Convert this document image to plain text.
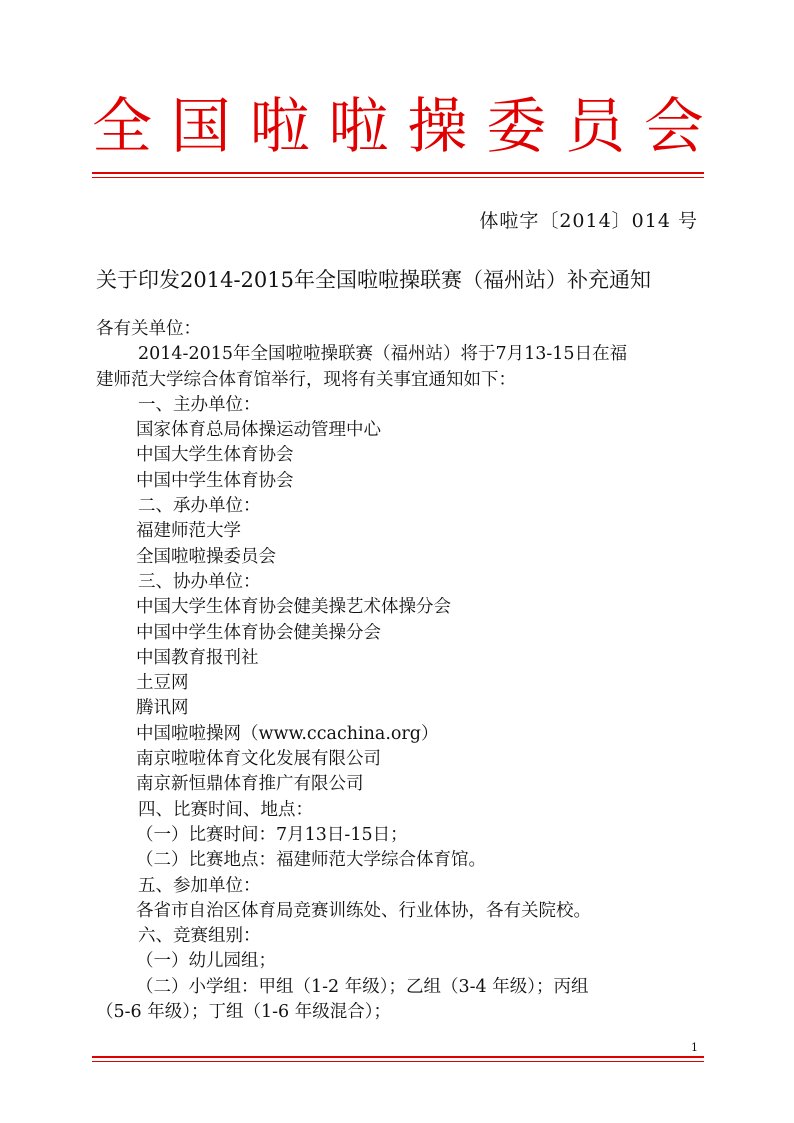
全 国 啦 啦 操 委 员 会
体啦字〔2014〕014 号
关于印发2014-2015年全国啦啦操联赛（福州站）补充通知
各有关单位：
2014-2015年全国啦啦操联赛（福州站）将于7月13-15日在福
建师范大学综合体育馆举行，现将有关事宜通知如下：
一、主办单位：
国家体育总局体操运动管理中心
中国大学生体育协会
中国中学生体育协会
二、承办单位：
福建师范大学
全国啦啦操委员会
三、协办单位：
中国大学生体育协会健美操艺术体操分会
中国中学生体育协会健美操分会
中国教育报刊社
土豆网
腾讯网
中国啦啦操网（www.ccachina.org）
南京啦啦体育文化发展有限公司
南京新恒鼎体育推广有限公司
四、比赛时间、地点：
（一）比赛时间：7月13日-15日；
（二）比赛地点：福建师范大学综合体育馆。
五、参加单位：
各省市自治区体育局竞赛训练处、行业体协，各有关院校。
六、竞赛组别：
（一）幼儿园组；
（二）小学组：甲组（1-2 年级）；乙组（3-4 年级）；丙组
（5-6 年级）；丁组（1-6 年级混合）；
1
